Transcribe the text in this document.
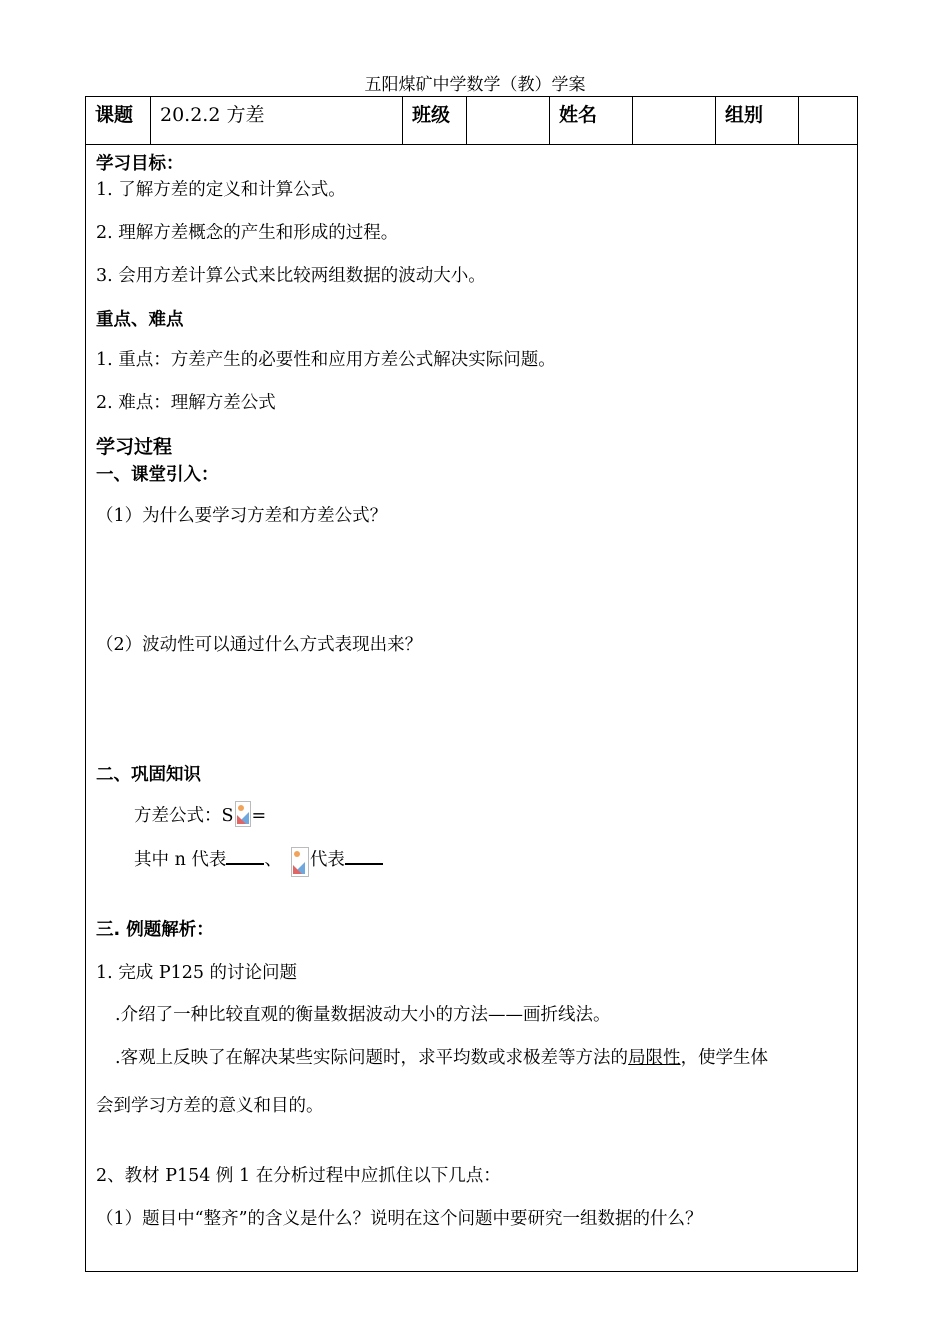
五阳煤矿中学数学（教）学案
课题	20.2.2 方差	班级	姓名	组别
学习目标：
1. 了解方差的定义和计算公式。
2. 理解方差概念的产生和形成的过程。
3. 会用方差计算公式来比较两组数据的波动大小。
重点、难点
1. 重点：方差产生的必要性和应用方差公式解决实际问题。
2. 难点：理解方差公式
学习过程
一、课堂引入：
（1）为什么要学习方差和方差公式？
（2）波动性可以通过什么方式表现出来？
二、巩固知识
方差公式：S =
其中 n 代表 、 代表
三. 例题解析：
1. 完成 P125 的讨论问题
.介绍了一种比较直观的衡量数据波动大小的方法——画折线法。
.客观上反映了在解决某些实际问题时，求平均数或求极差等方法的局限性，使学生体
会到学习方差的意义和目的。
2、教材 P154 例 1 在分析过程中应抓住以下几点：
（1）题目中“整齐”的含义是什么？说明在这个问题中要研究一组数据的什么？
